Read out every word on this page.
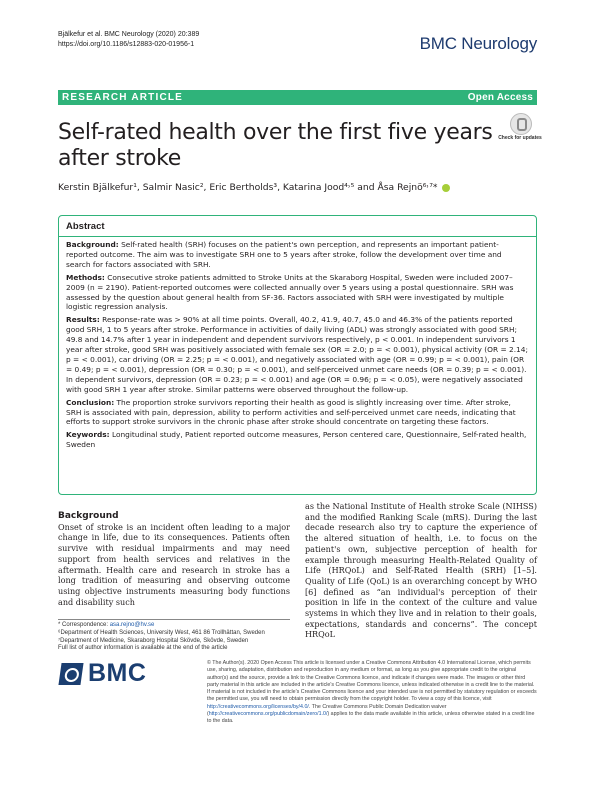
Bjälkefur et al. BMC Neurology (2020) 20:389
https://doi.org/10.1186/s12883-020-01956-1	BMC Neurology
RESEARCH ARTICLE	Open Access
Self-rated health over the first five years after stroke
Check for updates
Kerstin Bjälkefur¹, Salmir Nasic², Eric Bertholds³, Katarina Jood⁴˒⁵ and Åsa Rejnö⁶˒⁷*
Abstract

Background: Self-rated health (SRH) focuses on the patient's own perception, and represents an important patient-reported outcome. The aim was to investigate SRH one to 5 years after stroke, follow the development over time and search for factors associated with SRH.

Methods: Consecutive stroke patients admitted to Stroke Units at the Skaraborg Hospital, Sweden were included 2007–2009 (n = 2190). Patient-reported outcomes were collected annually over 5 years using a postal questionnaire. SRH was assessed by the question about general health from SF-36. Factors associated with SRH were investigated by multiple logistic regression analysis.

Results: Response-rate was > 90% at all time points. Overall, 40.2, 41.9, 40.7, 45.0 and 46.3% of the patients reported good SRH, 1 to 5 years after stroke. Performance in activities of daily living (ADL) was strongly associated with good SRH; 49.8 and 14.7% after 1 year in independent and dependent survivors respectively, p < 0.001. In independent survivors 1 year after stroke, good SRH was positively associated with female sex (OR = 2.0; p = < 0.001), physical activity (OR = 2.14; p = < 0.001), car driving (OR = 2.25; p = < 0.001), and negatively associated with age (OR = 0.99; p = < 0.001), pain (OR = 0.49; p = < 0.001), depression (OR = 0.30; p = < 0.001), and self-perceived unmet care needs (OR = 0.39; p = < 0.001). In dependent survivors, depression (OR = 0.23; p = < 0.001) and age (OR = 0.96; p = < 0.05), were negatively associated with good SRH 1 year after stroke. Similar patterns were observed throughout the follow-up.

Conclusion: The proportion stroke survivors reporting their health as good is slightly increasing over time. After stroke, SRH is associated with pain, depression, ability to perform activities and self-perceived unmet care needs, indicating that efforts to support stroke survivors in the chronic phase after stroke should concentrate on targeting these factors.

Keywords: Longitudinal study, Patient reported outcome measures, Person centered care, Questionnaire, Self-rated health, Sweden

Background
Onset of stroke is an incident often leading to a major change in life, due to its consequences. Patients often survive with residual impairments and may need support from health services and relatives in the aftermath. Health care and research in stroke has a long tradition of measuring and observing outcome using objective instruments measuring body functions and disability such
as the National Institute of Health stroke Scale (NIHSS) and the modified Ranking Scale (mRS). During the last decade research also try to capture the experience of the altered situation of health, i.e. to focus on the patient's own, subjective perception of health for example through measuring Health-Related Quality of Life (HRQoL) and Self-Rated Health (SRH) [1–5]. Quality of Life (QoL) is an overarching concept by WHO [6] defined as “an individual's perception of their position in life in the context of the culture and value systems in which they live and in relation to their goals, expectations, standards and concerns”. The concept HRQoL
* Correspondence: asa.rejno@hv.se
⁶Department of Health Sciences, University West, 461 86 Trollhättan, Sweden
⁷Department of Medicine, Skaraborg Hospital Skövde, Skövde, Sweden
Full list of author information is available at the end of the article
BMC	© The Author(s). 2020 Open Access This article is licensed under a Creative Commons Attribution 4.0 International License, which permits use, sharing, adaptation, distribution and reproduction in any medium or format, as long as you give appropriate credit to the original author(s) and the source, provide a link to the Creative Commons licence, and indicate if changes were made. The images or other third party material in this article are included in the article's Creative Commons licence, unless indicated otherwise in a credit line to the material. If material is not included in the article's Creative Commons licence and your intended use is not permitted by statutory regulation or exceeds the permitted use, you will need to obtain permission directly from the copyright holder. To view a copy of this licence, visit http://creativecommons.org/licenses/by/4.0/. The Creative Commons Public Domain Dedication waiver (http://creativecommons.org/publicdomain/zero/1.0/) applies to the data made available in this article, unless otherwise stated in a credit line to the data.
